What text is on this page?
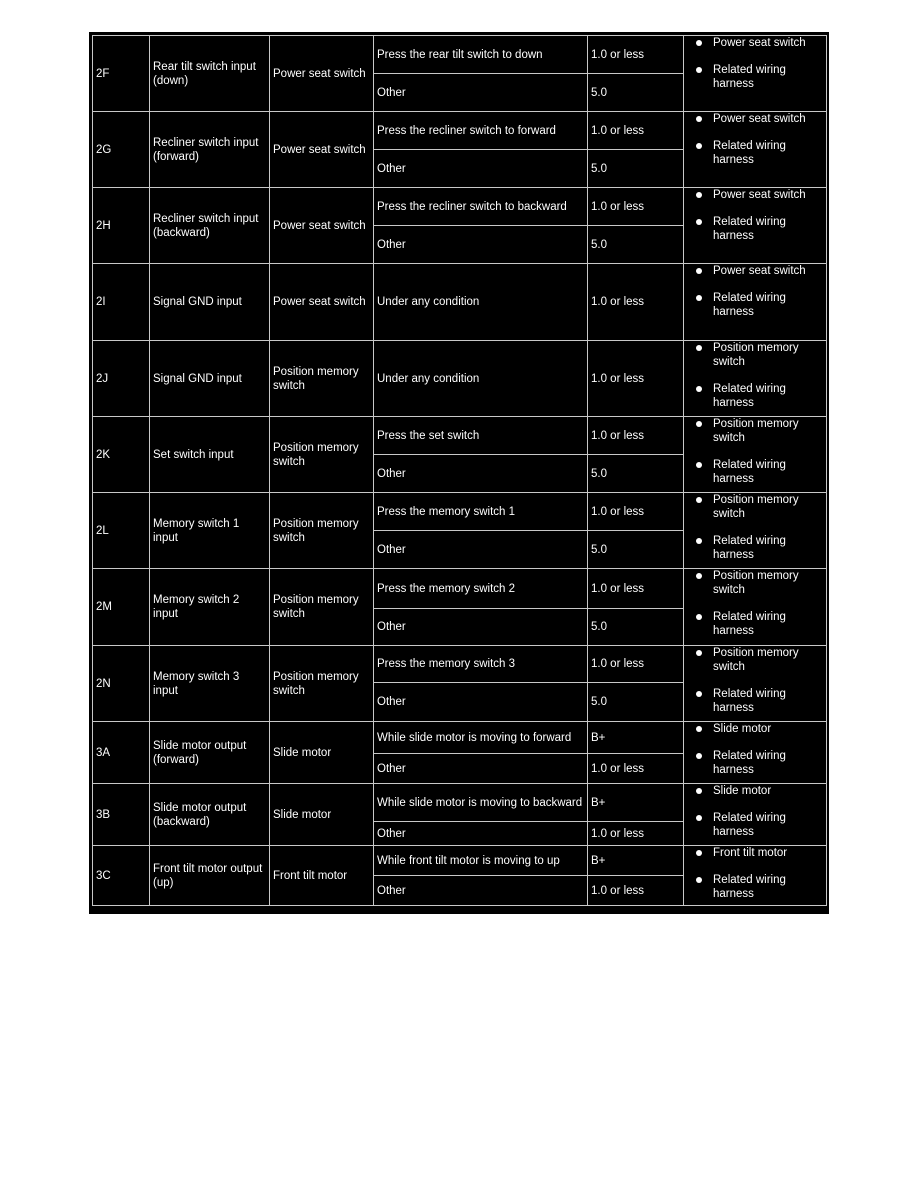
2F	Rear tilt switch input (down)	Power seat switch	Press the rear tilt switch to down	1.0 or less	Power seat switch
Related wiring harness

			Other	5.0	
2G	Recliner switch input (forward)	Power seat switch	Press the recliner switch to forward	1.0 or less	Power seat switch
Related wiring harness

			Other	5.0	
2H	Recliner switch input (backward)	Power seat switch	Press the recliner switch to backward	1.0 or less	Power seat switch
Related wiring harness

			Other	5.0	
2I	Signal GND input	Power seat switch	Under any condition	1.0 or less	Power seat switch
Related wiring harness

2J	Signal GND input	Position memory switch	Under any condition	1.0 or less	Position memory switch
Related wiring harness

2K	Set switch input	Position memory switch	Press the set switch	1.0 or less	Position memory switch
Related wiring harness

			Other	5.0	
2L	Memory switch 1 input	Position memory switch	Press the memory switch 1	1.0 or less	Position memory switch
Related wiring harness

			Other	5.0	
2M	Memory switch 2 input	Position memory switch	Press the memory switch 2	1.0 or less	Position memory switch
Related wiring harness

			Other	5.0	
2N	Memory switch 3 input	Position memory switch	Press the memory switch 3	1.0 or less	Position memory switch
Related wiring harness

			Other	5.0	
3A	Slide motor output (forward)	Slide motor	While slide motor is moving to forward	B+	Slide motor
Related wiring harness

			Other	1.0 or less	
3B	Slide motor output (backward)	Slide motor	While slide motor is moving to backward	B+	Slide motor
Related wiring harness

			Other	1.0 or less	
3C	Front tilt motor output (up)	Front tilt motor	While front tilt motor is moving to up	B+	Front tilt motor
Related wiring harness

			Other	1.0 or less	
